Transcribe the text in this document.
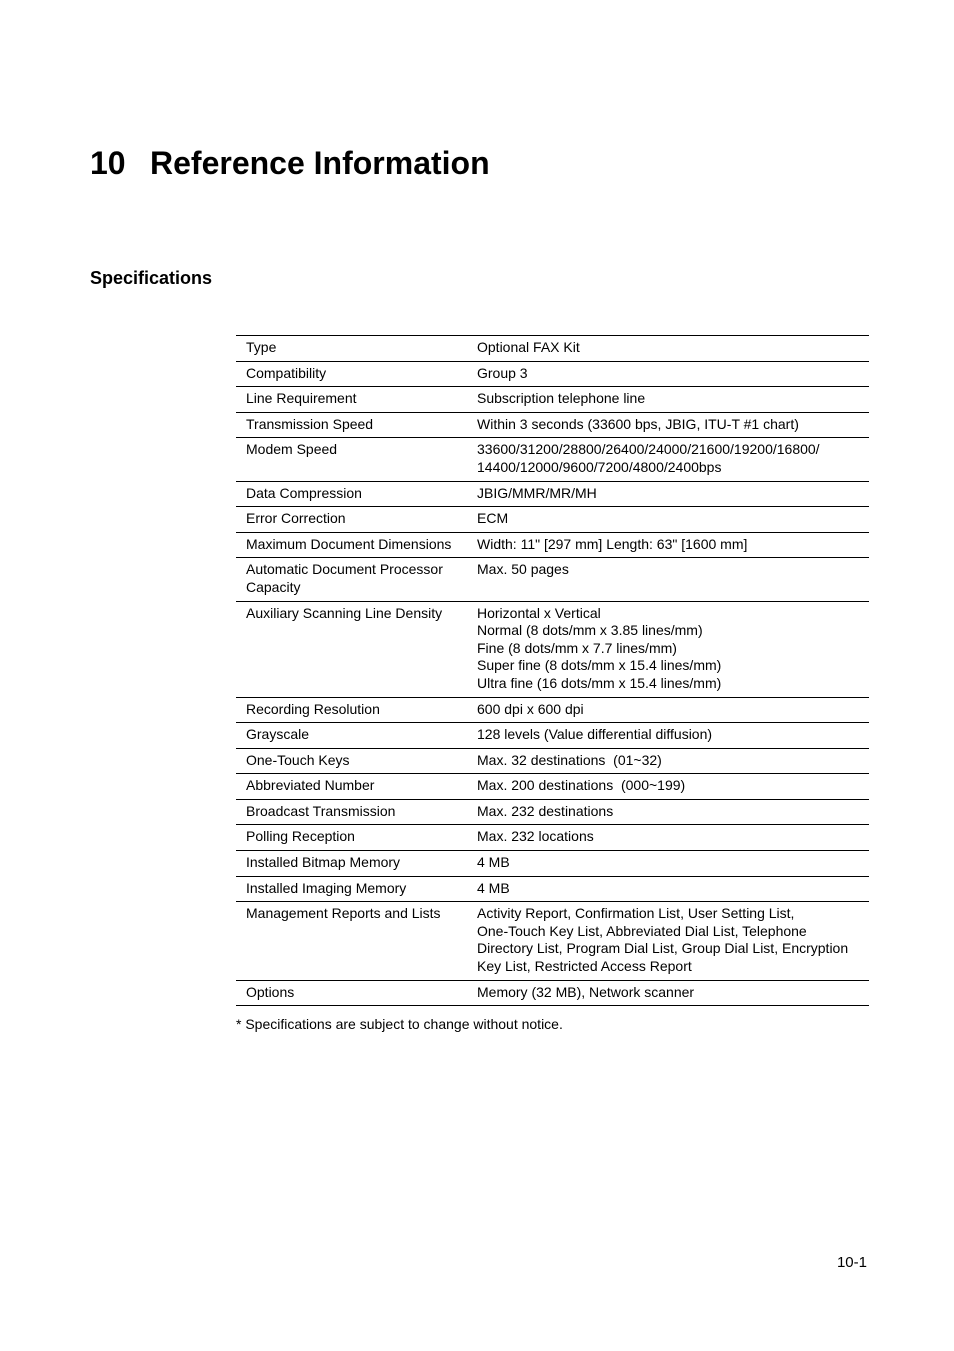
10 Reference Information
Specifications
Type	Optional FAX Kit

Compatibility	Group 3

Line Requirement	Subscription telephone line

Transmission Speed	Within 3 seconds (33600 bps, JBIG, ITU-T #1 chart)

Modem Speed	33600/31200/28800/26400/24000/21600/19200/16800/
14400/12000/9600/7200/4800/2400bps

Data Compression	JBIG/MMR/MR/MH

Error Correction	ECM

Maximum Document Dimensions	Width: 11" [297 mm] Length: 63" [1600 mm]

Automatic Document Processor Capacity	Max. 50 pages

Auxiliary Scanning Line Density	Horizontal x Vertical
Normal (8 dots/mm x 3.85 lines/mm)
Fine (8 dots/mm x 7.7 lines/mm)
Super fine (8 dots/mm x 15.4 lines/mm)
Ultra fine (16 dots/mm x 15.4 lines/mm)

Recording Resolution	600 dpi x 600 dpi

Grayscale	128 levels (Value differential diffusion)

One-Touch Keys	Max. 32 destinations  (01~32)

Abbreviated Number	Max. 200 destinations  (000~199)

Broadcast Transmission	Max. 232 destinations

Polling Reception	Max. 232 locations

Installed Bitmap Memory	4 MB

Installed Imaging Memory	4 MB

Management Reports and Lists	Activity Report, Confirmation List, User Setting List,
One-Touch Key List, Abbreviated Dial List, Telephone
Directory List, Program Dial List, Group Dial List, Encryption
Key List, Restricted Access Report

Options	Memory (32 MB), Network scanner

* Specifications are subject to change without notice.

10-1
